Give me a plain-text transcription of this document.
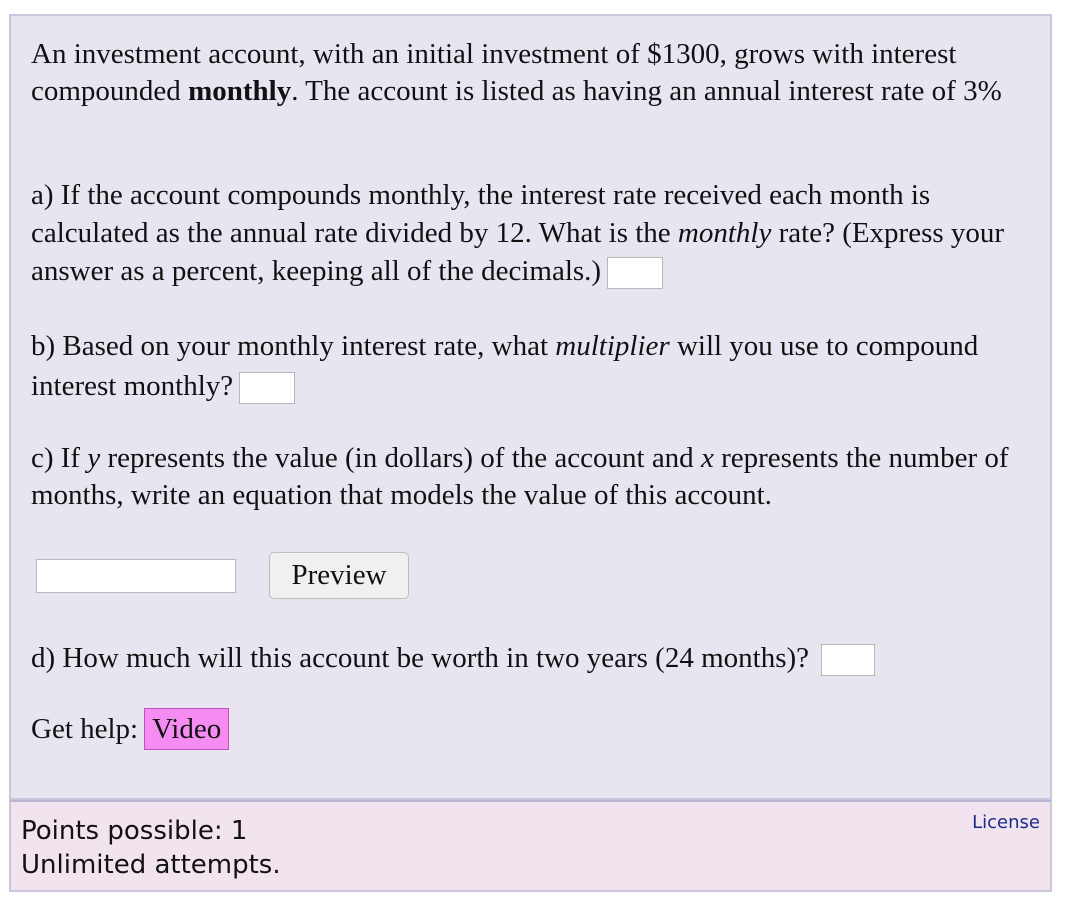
An investment account, with an initial investment of $1300, grows with interest compounded monthly. The account is listed as having an annual interest rate of 3%

a) If the account compounds monthly, the interest rate received each month is calculated as the annual rate divided by 12. What is the monthly rate? (Express your answer as a percent, keeping all of the decimals.)

b) Based on your monthly interest rate, what multiplier will you use to compound interest monthly?

c) If y represents the value (in dollars) of the account and x represents the number of months, write an equation that models the value of this account.

Preview

d) How much will this account be worth in two years (24 months)?

Get help: Video

Points possible: 1
Unlimited attempts.
License
